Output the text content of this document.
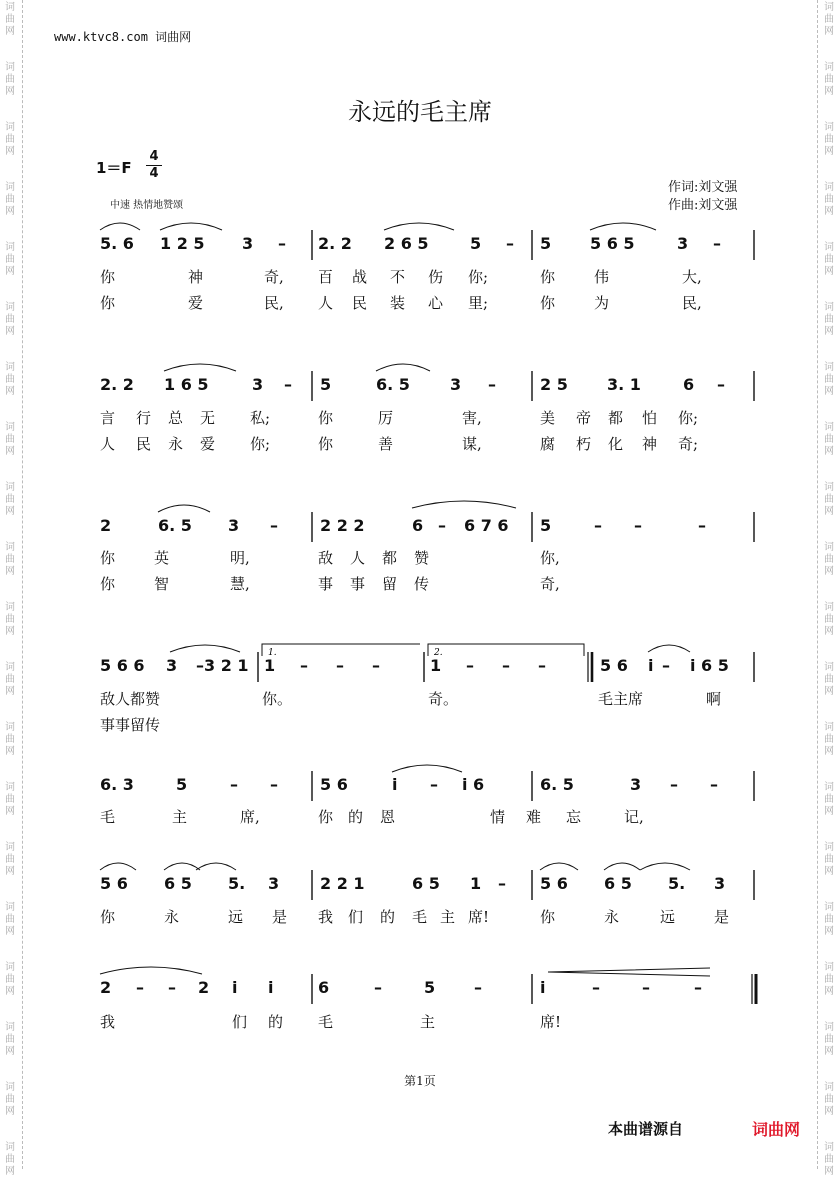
词
曲
网
词
曲
网
词
曲
网
词
曲
网
词
曲
网
词
曲
网
词
曲
网
词
曲
网
词
曲
网
词
曲
网
词
曲
网
词
曲
网
词
曲
网
词
曲
网
词
曲
网
词
曲
网
词
曲
网
词
曲
网
词
曲
网
词
曲
网
词
曲
网
词
曲
网
词
曲
网
词
曲
网
词
曲
网
词
曲
网
词
曲
网
词
曲
网
词
曲
网
词
曲
网
词
曲
网
词
曲
网
词
曲
网
词
曲
网
词
曲
网
词
曲
网
词
曲
网
词
曲
网
词
曲
网
词
曲
网
www.ktvc8.com 词曲网
永远的毛主席
1＝F
4
4
中速 热情地赞颂
作词:刘文强
作曲:刘文强
5. 6 1 2 5 3 – 2. 2 2 6 5	5 – 5 5 6 5	3 –
你	神	奇, 百 战 不 伤 你;	你	伟	大,
你	爱	民, 人 民 装 心 里;	你	为	民,
2. 2 1 6 5	3 – 5	6. 5	3 –	2 5 3. 1	6 –
言 行 总 无 私;	你	厉	害,	美 帝 都 怕 你;
人 民 永 爱 你;	你	善	谋,	腐 朽 化 神 奇;
2	6. 5 3 –	2 2 2	6 – 6 7 6 5	– –	–
你	英	明,	敌 人 都 赞	你,
你	智	慧,	事 事 留 传	奇,
5 6 6 3 – 3 2 1 1 – – –	1 – – –	5 6 i – i 6 5
敌人都赞	你。	奇。	毛主席	啊
事事留传
6. 3	5	– –	5 6	i – i 6	6. 5	3 – –
毛	主	席,	你 的 恩	情 难 忘	记,
5 6 6 5 5. 3	2 2 1	6 5 1 – 5 6 6 5 5. 3
你	永	远 是 我 们 的 毛 主 席!	你	永	远	是
2 – – 2 i i	6	–	5 –	i	–	–	–
我	们 的 毛	主	席!
1.	2.
第1页
本曲谱源自	词曲网
